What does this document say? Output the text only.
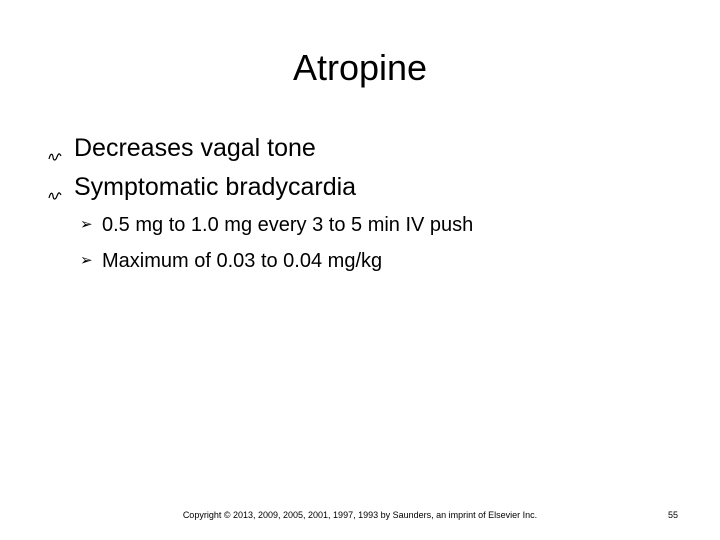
Atropine
Decreases vagal tone
Symptomatic bradycardia
➢ 0.5 mg to 1.0 mg every 3 to 5 min IV push
➢ Maximum of 0.03 to 0.04 mg/kg
Copyright © 2013, 2009, 2005, 2001, 1997, 1993 by Saunders, an imprint of Elsevier Inc.	55
